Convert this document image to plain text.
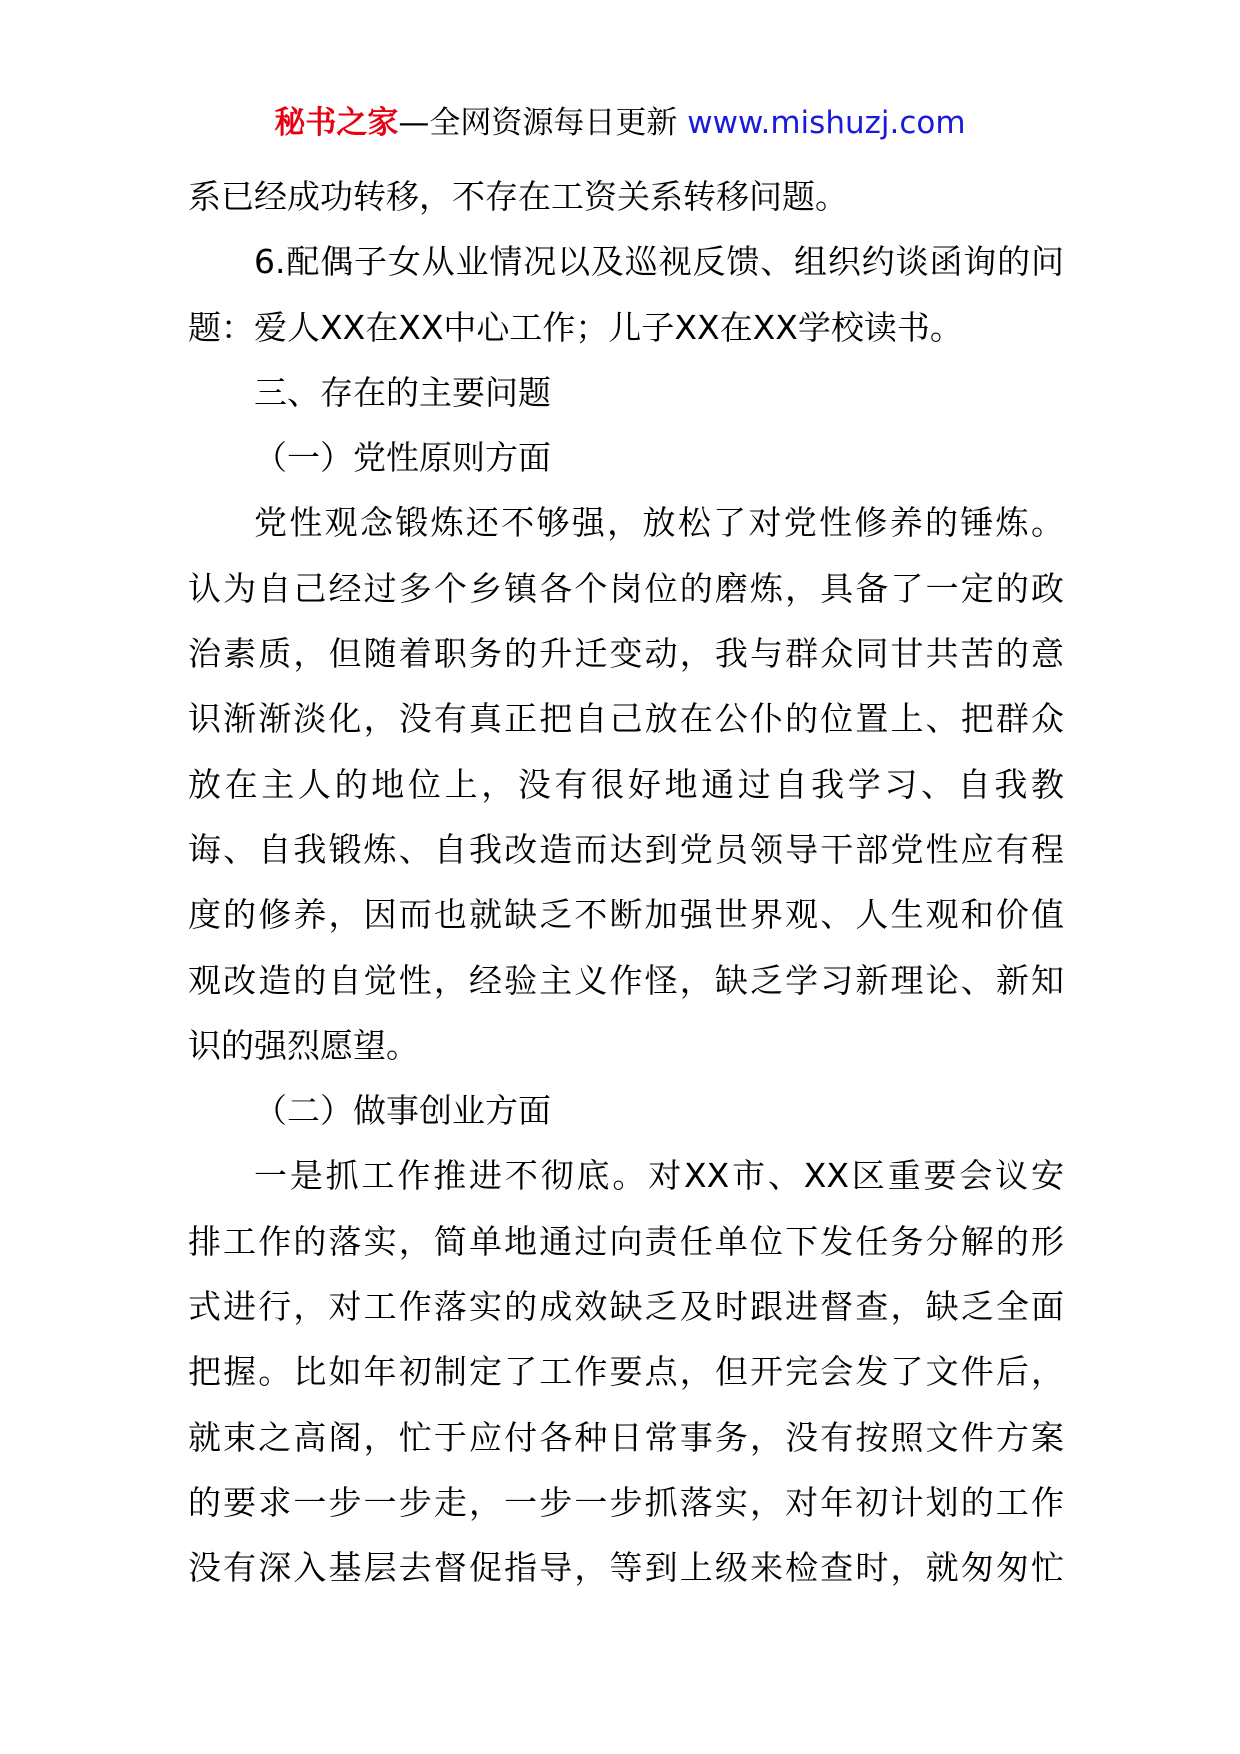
秘书之家—全网资源每日更新 www.mishuzj.com
系已经成功转移，不存在工资关系转移问题。
6.配偶子女从业情况以及巡视反馈、组织约谈函询的问
题：爱人XX在XX中心工作；儿子XX在XX学校读书。
三、存在的主要问题
（一）党性原则方面
党性观念锻炼还不够强，放松了对党性修养的锤炼。
认为自己经过多个乡镇各个岗位的磨炼，具备了一定的政
治素质，但随着职务的升迁变动，我与群众同甘共苦的意
识渐渐淡化，没有真正把自己放在公仆的位置上、把群众
放在主人的地位上，没有很好地通过自我学习、自我教
诲、自我锻炼、自我改造而达到党员领导干部党性应有程
度的修养，因而也就缺乏不断加强世界观、人生观和价值
观改造的自觉性，经验主义作怪，缺乏学习新理论、新知
识的强烈愿望。
（二）做事创业方面
一是抓工作推进不彻底。对XX市、XX区重要会议安
排工作的落实，简单地通过向责任单位下发任务分解的形
式进行，对工作落实的成效缺乏及时跟进督查，缺乏全面
把握。比如年初制定了工作要点，但开完会发了文件后，
就束之高阁，忙于应付各种日常事务，没有按照文件方案
的要求一步一步走，一步一步抓落实，对年初计划的工作
没有深入基层去督促指导，等到上级来检查时，就匆匆忙
